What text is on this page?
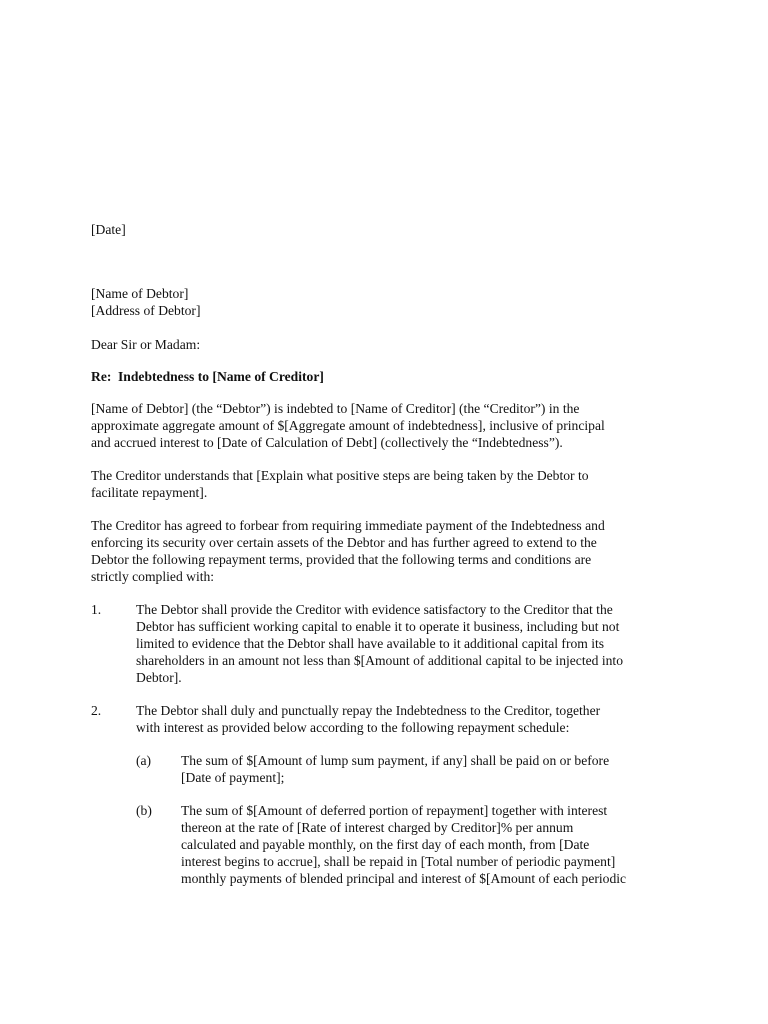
[Date]
[Name of Debtor]
[Address of Debtor]
Dear Sir or Madam:
Re: Indebtedness to [Name of Creditor]
[Name of Debtor] (the “Debtor”) is indebted to [Name of Creditor] (the “Creditor”) in the
approximate aggregate amount of $[Aggregate amount of indebtedness], inclusive of principal
and accrued interest to [Date of Calculation of Debt] (collectively the “Indebtedness”).
The Creditor understands that [Explain what positive steps are being taken by the Debtor to
facilitate repayment].
The Creditor has agreed to forbear from requiring immediate payment of the Indebtedness and
enforcing its security over certain assets of the Debtor and has further agreed to extend to the
Debtor the following repayment terms, provided that the following terms and conditions are
strictly complied with:
1.	The Debtor shall provide the Creditor with evidence satisfactory to the Creditor that the
Debtor has sufficient working capital to enable it to operate it business, including but not
limited to evidence that the Debtor shall have available to it additional capital from its
shareholders in an amount not less than $[Amount of additional capital to be injected into
Debtor].
2.	The Debtor shall duly and punctually repay the Indebtedness to the Creditor, together
with interest as provided below according to the following repayment schedule:
(a) The sum of $[Amount of lump sum payment, if any] shall be paid on or before
[Date of payment];
(b) The sum of $[Amount of deferred portion of repayment] together with interest
thereon at the rate of [Rate of interest charged by Creditor]% per annum
calculated and payable monthly, on the first day of each month, from [Date
interest begins to accrue], shall be repaid in [Total number of periodic payment]
monthly payments of blended principal and interest of $[Amount of each periodic
